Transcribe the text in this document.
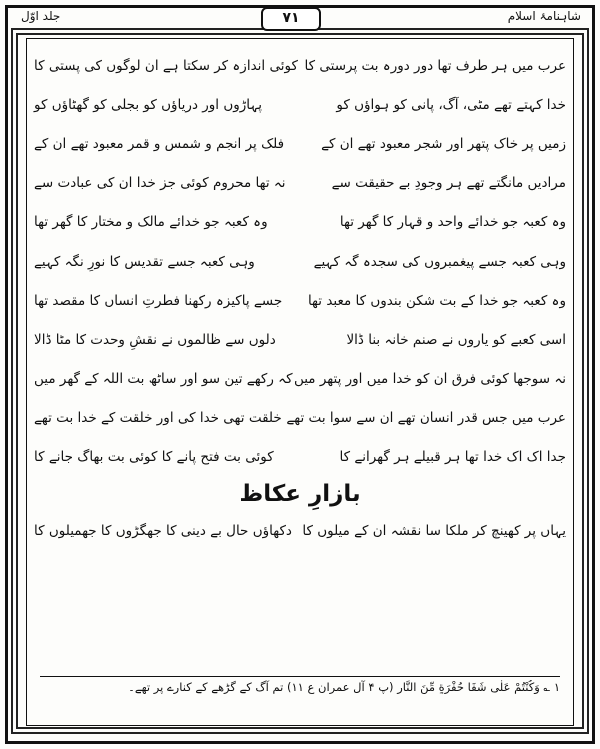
جلد اوّل	۷۱	شاہنامۂ اسلام
عرب میں ہر طرف تھا دور دورہ بت پرستی کا
کوئی اندازہ کر سکتا ہے ان لوگوں کی پستی کا
خدا کہتے تھے مٹی، آگ، پانی کو ہواؤں کو
پہاڑوں اور دریاؤں کو بجلی کو گھٹاؤں کو
زمیں پر خاک پتھر اور شجر معبود تھے ان کے
فلک پر انجم و شمس و قمر معبود تھے ان کے
مرادیں مانگتے تھے ہر وجودِ بے حقیقت سے
نہ تھا محروم کوئی جز خدا ان کی عبادت سے
وہ کعبہ جو خدائے واحد و قہار کا گھر تھا
وہ کعبہ جو خدائے مالک و مختار کا گھر تھا
وہی کعبہ جسے پیغمبروں کی سجدہ گہ کہیے
وہی کعبہ جسے تقدیس کا نورِ نگہ کہیے
وہ کعبہ جو خدا کے بت شکن بندوں کا معبد تھا
جسے پاکیزہ رکھنا فطرتِ انساں کا مقصد تھا
اسی کعبے کو یاروں نے صنم خانہ بنا ڈالا
دلوں سے ظالموں نے نقشِ وحدت کا مٹا ڈالا
نہ سوجھا کوئی فرق ان کو خدا میں اور پتھر میں
کہ رکھے تین سو اور ساٹھ بت اللہ کے گھر میں
عرب میں جس قدر انسان تھے ان سے سوا بت تھے
خلقت تھی خدا کی اور خلقت کے خدا بت تھے
جدا اک اک خدا تھا ہر قبیلے ہر گھرانے کا
کوئی بت فتح پانے کا کوئی بت بھاگ جانے کا
بازارِ عکاظ
یہاں پر کھینچ کر ملکا سا نقشہ ان کے میلوں کا
دکھاؤں حال بے دینی کا جھگڑوں کا جھمیلوں کا
۱ ؎ وَكُنْتُمْ عَلٰى شَفَا حُفْرَةٍ مِّنَ النَّارِ (پ ۴ آل عمران ع ۱۱) تم آگ کے گڑھے کے کنارے پر تھے۔
